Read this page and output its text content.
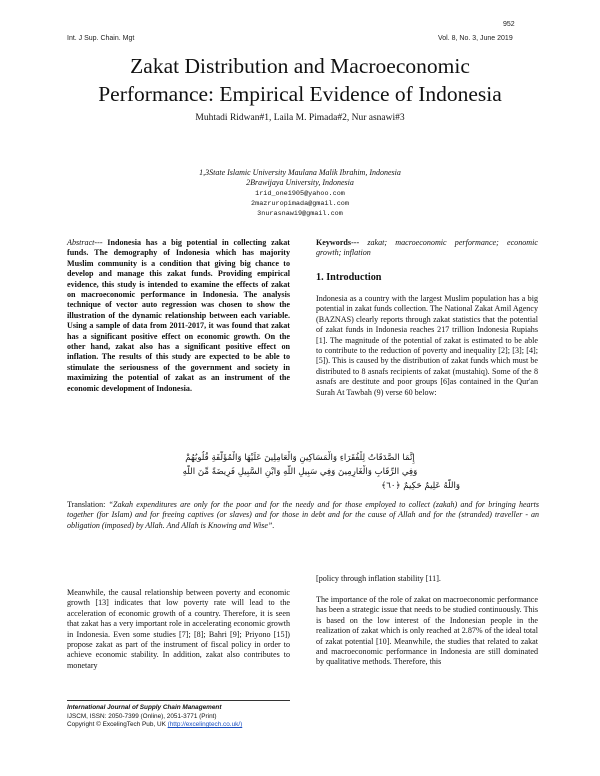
952
Int. J Sup. Chain. Mgt	Vol. 8, No. 3, June 2019
Zakat Distribution and Macroeconomic
Performance: Empirical Evidence of Indonesia
Muhtadi Ridwan#1, Laila M. Pimada#2, Nur asnawi#3
1,3State Islamic University Maulana Malik Ibrahim, Indonesia
2Brawijaya University, Indonesia
1rid_one1905@yahoo.com
2mazruropimada@gmail.com
3nurasnawi9@gmail.com
Abstract--- Indonesia has a big potential in collecting zakat funds. The demography of Indonesia which has majority Muslim community is a condition that giving big chance to develop and manage this zakat funds. Providing empirical evidence, this study is intended to examine the effects of zakat on macroeconomic performance in Indonesia. The analysis technique of vector auto regression was chosen to show the illustration of the dynamic relationship between each variable. Using a sample of data from 2011-2017, it was found that zakat has a significant positive effect on economic growth. On the other hand, zakat also has a significant positive effect on inflation. The results of this study are expected to be able to stimulate the seriousness of the government and society in maximizing the potential of zakat as an instrument of the economic development of Indonesia.
Keywords--- zakat; macroeconomic performance; economic growth; inflation
1. Introduction
Indonesia as a country with the largest Muslim population has a big potential in zakat funds collection. The National Zakat Amil Agency (BAZNAS) clearly reports through zakat statistics that the potential of zakat funds in Indonesia reaches 217 trillion Indonesia Rupiahs [1]. The magnitude of the potential of zakat is estimated to be able to contribute to the reduction of poverty and inequality [2]; [3]; [4]; [5]). This is caused by the distribution of zakat funds which must be distributed to 8 asnafs recipients of zakat (mustahiq). Some of the 8 asnafs are destitute and poor groups [6]as contained in the Qur'an Surah At Tawbah (9) verse 60 below:
إِنَّمَا الصَّدَقَاتُ لِلْفُقَرَاءِ وَالْمَسَاكِينِ وَالْعَامِلِينَ عَلَيْهَا وَالْمُؤَلَّفَةِ قُلُوبُهُمْ
وَفِي الرِّقَابِ وَالْغَارِمِينَ وَفِي سَبِيلِ اللَّهِ وَابْنِ السَّبِيلِ فَرِيضَةً مِّنَ اللَّهِ
وَاللَّهُ عَلِيمٌ حَكِيمٌ ﴿٦٠﴾
Translation: “Zakah expenditures are only for the poor and for the needy and for those employed to collect (zakah) and for bringing hearts together (for Islam) and for freeing captives (or slaves) and for those in debt and for the cause of Allah and for the (stranded) traveller - an obligation (imposed) by Allah. And Allah is Knowing and Wise”.
Meanwhile, the causal relationship between poverty and economic growth [13] indicates that low poverty rate will lead to the acceleration of economic growth of a country. Therefore, it is seen that zakat has a very important role in accelerating economic growth in Indonesia. Even some studies [7]; [8]; Bahri [9]; Priyono [15]) propose zakat as part of the instrument of fiscal policy in order to achieve economic stability. In addition, zakat also contributes to monetary
[policy through inflation stability [11].
The importance of the role of zakat on macroeconomic performance has been a strategic issue that needs to be studied continuously. This is based on the low interest of the Indonesian people in the realization of zakat which is only reached at 2.87% of the ideal total of zakat potential [10]. Meanwhile, the studies that related to zakat and macroeconomic performance in Indonesia are still dominated by qualitative methods. Therefore, this
International Journal of Supply Chain Management
IJSCM, ISSN: 2050-7399 (Online), 2051-3771 (Print)
Copyright © ExcelingTech Pub, UK (http://excelingtech.co.uk/)
